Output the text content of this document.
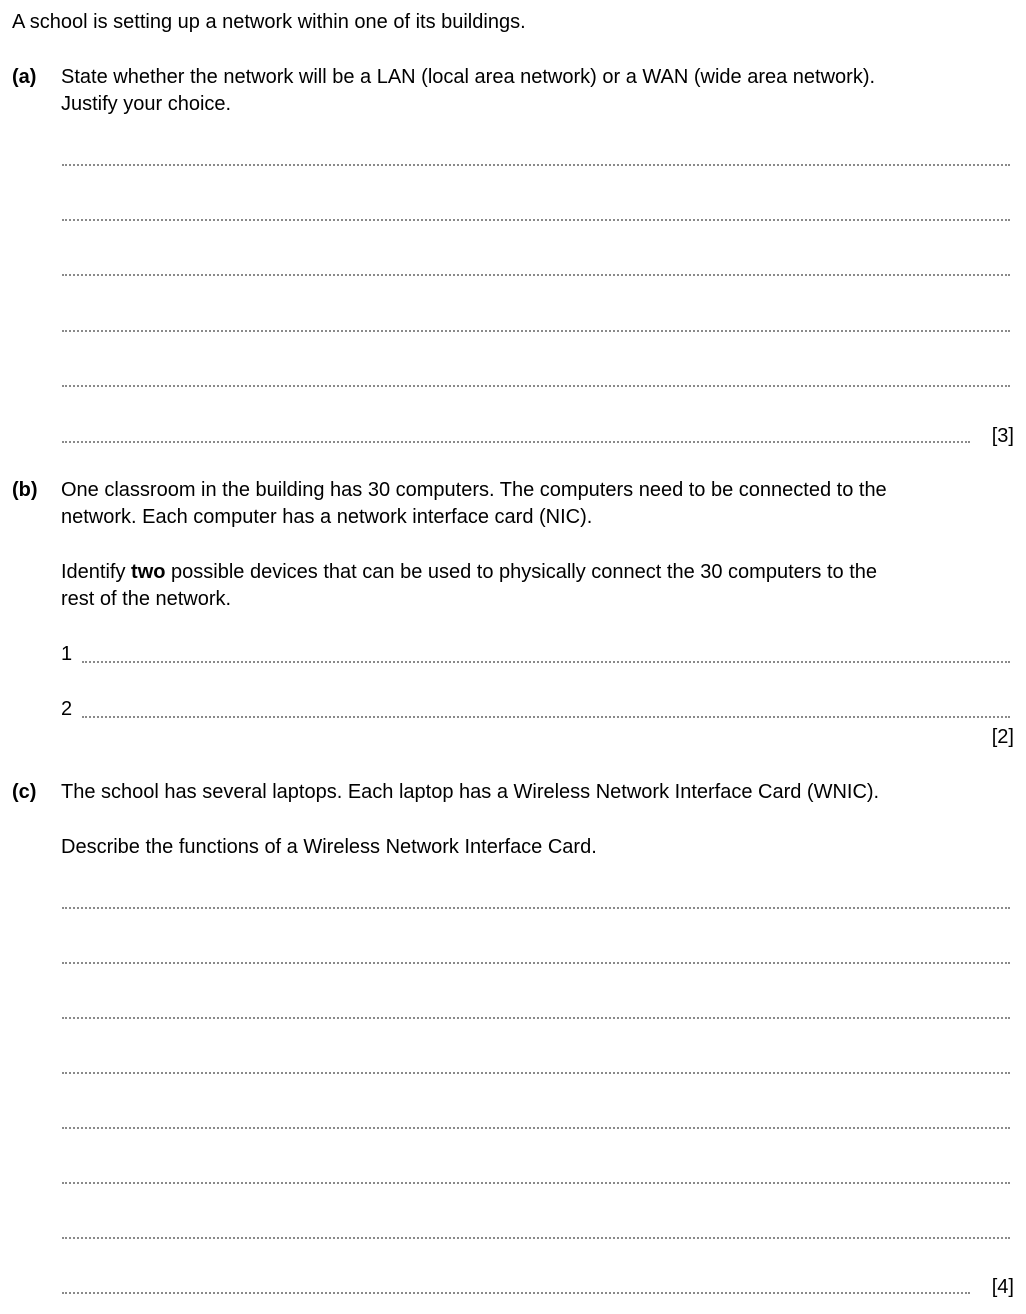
A school is setting up a network within one of its buildings.
(a) State whether the network will be a LAN (local area network) or a WAN (wide area network).
Justify your choice.
[3]
(b) One classroom in the building has 30 computers. The computers need to be connected to the
network. Each computer has a network interface card (NIC).
Identify two possible devices that can be used to physically connect the 30 computers to the
rest of the network.
1
2
[2]
(c) The school has several laptops. Each laptop has a Wireless Network Interface Card (WNIC).
Describe the functions of a Wireless Network Interface Card.
[4]
